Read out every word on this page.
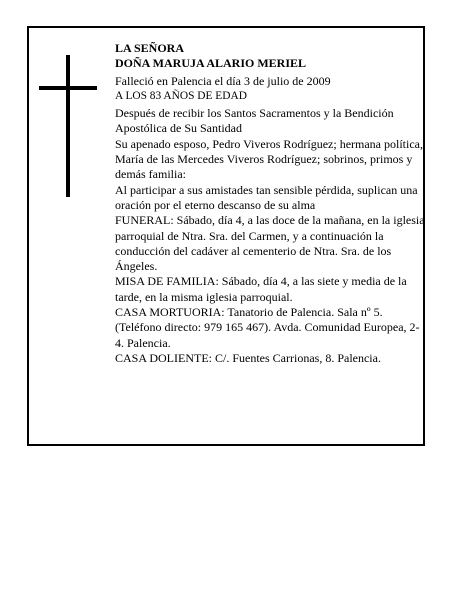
LA SEÑORA

DOÑA MARUJA ALARIO MERIEL

Falleció en Palencia el día 3 de julio de 2009

A LOS 83 AÑOS DE EDAD

Después de recibir los Santos Sacramentos y la Bendición Apostólica de Su Santidad

Su apenado esposo, Pedro Viveros Rodríguez; hermana política, María de las Mercedes Viveros Rodríguez; sobrinos, primos y demás familia:

Al participar a sus amistades tan sensible pérdida, suplican una oración por el eterno descanso de su alma

FUNERAL: Sábado, día 4, a las doce de la mañana, en la iglesia parroquial de Ntra. Sra. del Carmen, y a continuación la conducción del cadáver al cementerio de Ntra. Sra. de los Ángeles.

MISA DE FAMILIA: Sábado, día 4, a las siete y media de la tarde, en la misma iglesia parroquial.

CASA MORTUORIA: Tanatorio de Palencia. Sala nº 5. (Teléfono directo: 979 165 467). Avda. Comunidad Europea, 2-4. Palencia.

CASA DOLIENTE: C/. Fuentes Carrionas, 8. Palencia.
